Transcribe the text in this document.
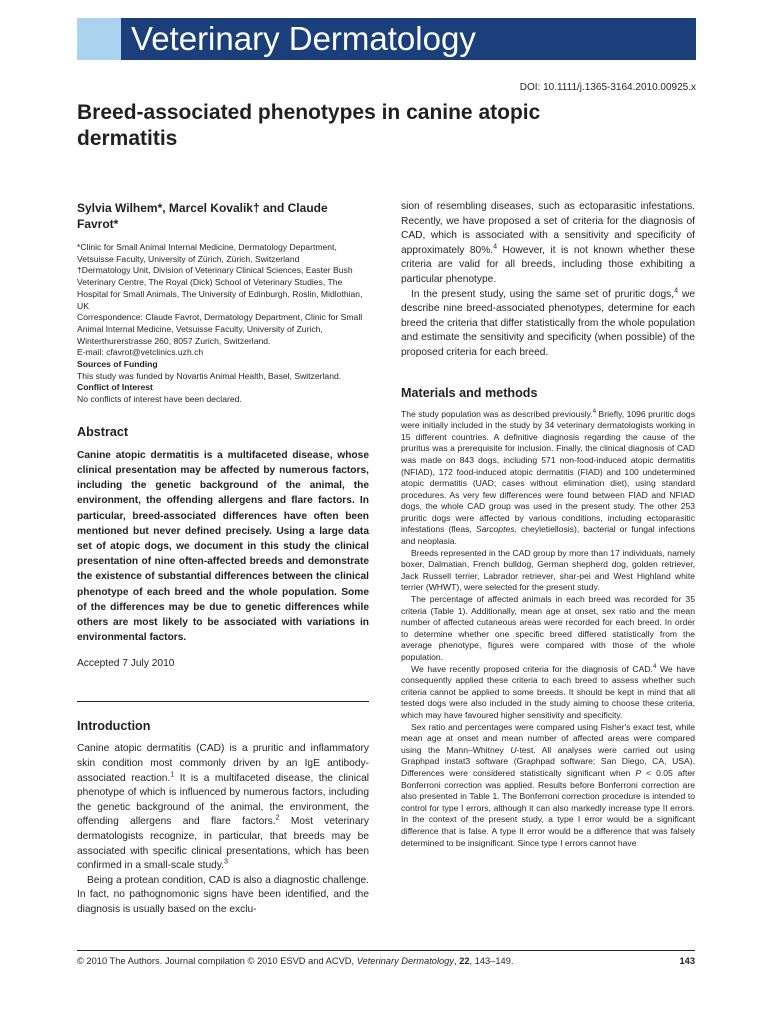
Veterinary Dermatology
DOI: 10.1111/j.1365-3164.2010.00925.x
Breed-associated phenotypes in canine atopic dermatitis

Sylvia Wilhem*, Marcel Kovalik† and Claude Favrot*

*Clinic for Small Animal Internal Medicine, Dermatology Department, Vetsuisse Faculty, University of Zürich, Zürich, Switzerland

†Dermatology Unit, Division of Veterinary Clinical Sciences, Easter Bush Veterinary Centre, The Royal (Dick) School of Veterinary Studies, The Hospital for Small Animals, The University of Edinburgh, Roslin, Midlothian, UK

Correspondence: Claude Favrot, Dermatology Department, Clinic for Small Animal Internal Medicine, Vetsuisse Faculty, University of Zurich, Winterthurerstrasse 260, 8057 Zurich, Switzerland.

E-mail: cfavrot@vetclinics.uzh.ch

Sources of Funding

This study was funded by Novartis Animal Health, Basel, Switzerland.

Conflict of Interest

No conflicts of interest have been declared.

Abstract

Canine atopic dermatitis is a multifaceted disease, whose clinical presentation may be affected by numerous factors, including the genetic background of the animal, the environment, the offending allergens and flare factors. In particular, breed-associated differences have often been mentioned but never defined precisely. Using a large data set of atopic dogs, we document in this study the clinical presentation of nine often-affected breeds and demonstrate the existence of substantial differences between the clinical phenotype of each breed and the whole population. Some of the differences may be due to genetic differences while others are most likely to be associated with variations in environmental factors.

Accepted 7 July 2010

Introduction

Canine atopic dermatitis (CAD) is a pruritic and inflammatory skin condition most commonly driven by an IgE antibody-associated reaction.$^1$ It is a multifaceted disease, the clinical phenotype of which is influenced by numerous factors, including the genetic background of the animal, the environment, the offending allergens and flare factors.$^2$ Most veterinary dermatologists recognize, in particular, that breeds may be associated with specific clinical presentations, which has been confirmed in a small-scale study.$^3$

Being a protean condition, CAD is also a diagnostic challenge. In fact, no pathognomonic signs have been identified, and the diagnosis is usually based on the exclu-

sion of resembling diseases, such as ectoparasitic infestations. Recently, we have proposed a set of criteria for the diagnosis of CAD, which is associated with a sensitivity and specificity of approximately 80%.$^4$ However, it is not known whether these criteria are valid for all breeds, including those exhibiting a particular phenotype.

In the present study, using the same set of pruritic dogs,$^4$ we describe nine breed-associated phenotypes, determine for each breed the criteria that differ statistically from the whole population and estimate the sensitivity and specificity (when possible) of the proposed criteria for each breed.

Materials and methods

The study population was as described previously.$^4$ Briefly, 1096 pruritic dogs were initially included in the study by 34 veterinary dermatologists working in 15 different countries. A definitive diagnosis regarding the cause of the pruritus was a prerequisite for inclusion. Finally, the clinical diagnosis of CAD was made on 843 dogs, including 571 non-food-induced atopic dermatitis (NFIAD), 172 food-induced atopic dermatitis (FIAD) and 100 undetermined atopic dermatitis (UAD; cases without elimination diet), using standard procedures. As very few differences were found between FIAD and NFIAD dogs, the whole CAD group was used in the present study. The other 253 pruritic dogs were affected by various conditions, including ectoparasitic infestations (fleas, Sarcoptes, cheyletiellosis), bacterial or fungal infections and neoplasia.

Breeds represented in the CAD group by more than 17 individuals, namely boxer, Dalmatian, French bulldog, German shepherd dog, golden retriever, Jack Russell terrier, Labrador retriever, shar-pei and West Highland white terrier (WHWT), were selected for the present study.

The percentage of affected animals in each breed was recorded for 35 criteria (Table 1). Additionally, mean age at onset, sex ratio and the mean number of affected cutaneous areas were recorded for each breed. In order to determine whether one specific breed differed statistically from the average phenotype, figures were compared with those of the whole population.

We have recently proposed criteria for the diagnosis of CAD.$^4$ We have consequently applied these criteria to each breed to assess whether such criteria cannot be applied to some breeds. It should be kept in mind that all tested dogs were also included in the study aiming to choose these criteria, which may have favoured higher sensitivity and specificity.

Sex ratio and percentages were compared using Fisher's exact test, while mean age at onset and mean number of affected areas were compared using the Mann–Whitney U-test. All analyses were carried out using Graphpad instat3 software (Graphpad software; San Diego, CA, USA). Differences were considered statistically significant when P < 0.05 after Bonferroni correction was applied. Results before Bonferroni correction are also presented in Table 1. The Bonferroni correction procedure is intended to control for type I errors, although it can also markedly increase type II errors. In the context of the present study, a type I error would be a significant difference that is false. A type II error would be a difference that was falsely determined to be insignificant. Since type I errors cannot have

© 2010 The Authors. Journal compilation © 2010 ESVD and ACVD, Veterinary Dermatology, 22, 143–149.	143
